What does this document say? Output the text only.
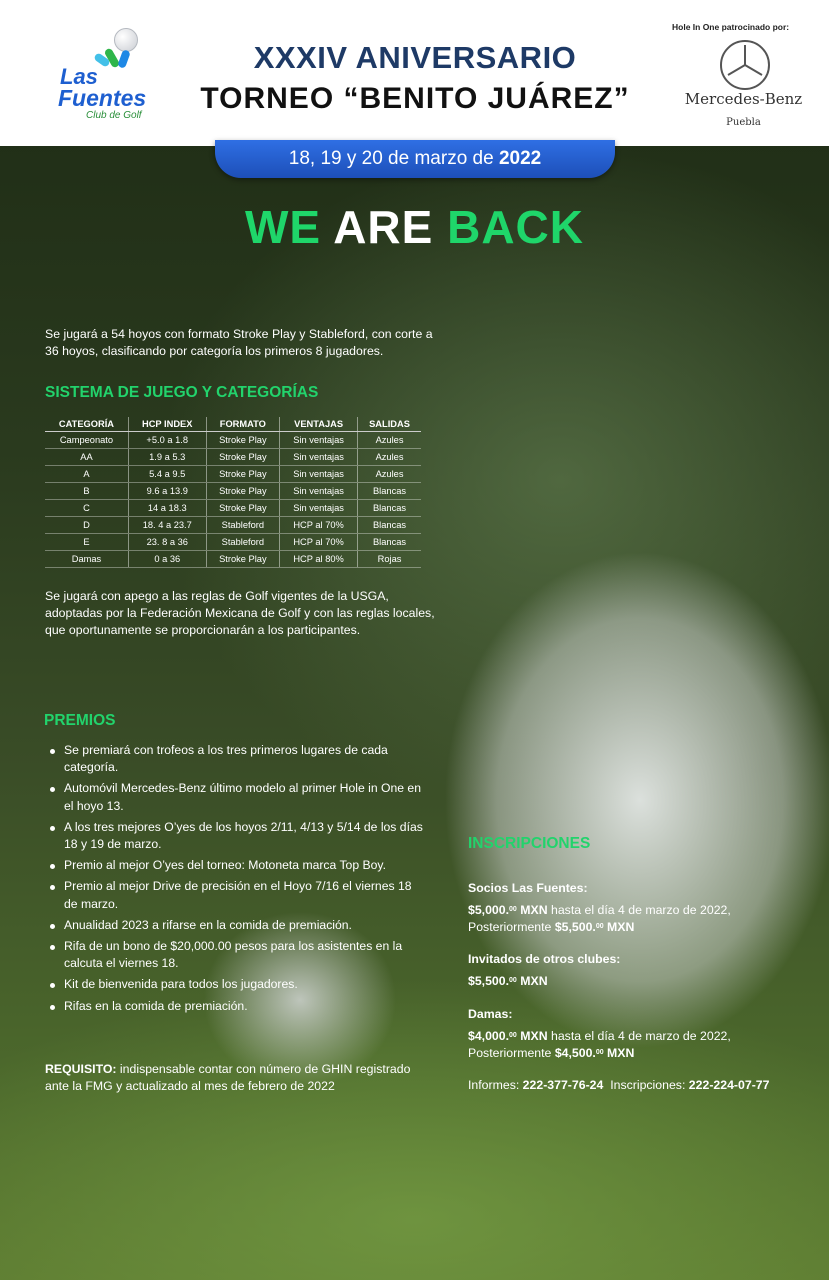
Las
Fuentes
Club de Golf
XXXIV ANIVERSARIO
TORNEO “BENITO JUÁREZ”
Hole In One patrocinado por:
Mercedes-Benz
Puebla
18, 19 y 20 de marzo de 2022
WE ARE BACK
Se jugará a 54 hoyos con formato Stroke Play y Stableford, con corte a 36 hoyos, clasificando por categoría los primeros 8 jugadores.
SISTEMA DE JUEGO Y CATEGORÍAS
CATEGORÍA	HCP INDEX	FORMATO	VENTAJAS	SALIDAS
Campeonato	+5.0 a 1.8	Stroke Play	Sin ventajas	Azules
AA	1.9 a 5.3	Stroke Play	Sin ventajas	Azules
A	5.4 a 9.5	Stroke Play	Sin ventajas	Azules
B	9.6 a 13.9	Stroke Play	Sin ventajas	Blancas
C	14 a 18.3	Stroke Play	Sin ventajas	Blancas
D	18. 4 a 23.7	Stableford	HCP al 70%	Blancas
E	23. 8 a 36	Stableford	HCP al 70%	Blancas
Damas	0 a 36	Stroke Play	HCP al 80%	Rojas
Se jugará con apego a las reglas de Golf vigentes de la USGA, adoptadas por la Federación Mexicana de Golf y con las reglas locales, que oportunamente se proporcionarán a los participantes.
PREMIOS
Se premiará con trofeos a los tres primeros lugares de cada categoría.
Automóvil Mercedes-Benz último modelo al primer Hole in One en el hoyo 13.
A los tres mejores O’yes de los hoyos 2/11, 4/13 y 5/14 de los días 18 y 19 de marzo.
Premio al mejor O’yes del torneo: Motoneta marca Top Boy.
Premio al mejor Drive de precisión en el Hoyo 7/16 el viernes 18 de marzo.
Anualidad 2023 a rifarse en la comida de premiación.
Rifa de un bono de $20,000.00 pesos para los asistentes en la calcuta el viernes 18.
Kit de bienvenida para todos los jugadores.
Rifas en la comida de premiación.
REQUISITO: indispensable contar con número de GHIN registrado ante la FMG y actualizado al mes de febrero de 2022
INSCRIPCIONES
Socios Las Fuentes:
$5,000.00 MXN hasta el día 4 de marzo de 2022,
Posteriormente $5,500.00 MXN
Invitados de otros clubes:
$5,500.00 MXN
Damas:
$4,000.00 MXN hasta el día 4 de marzo de 2022,
Posteriormente $4,500.00 MXN
Informes: 222-377-76-24  Inscripciones: 222-224-07-77
